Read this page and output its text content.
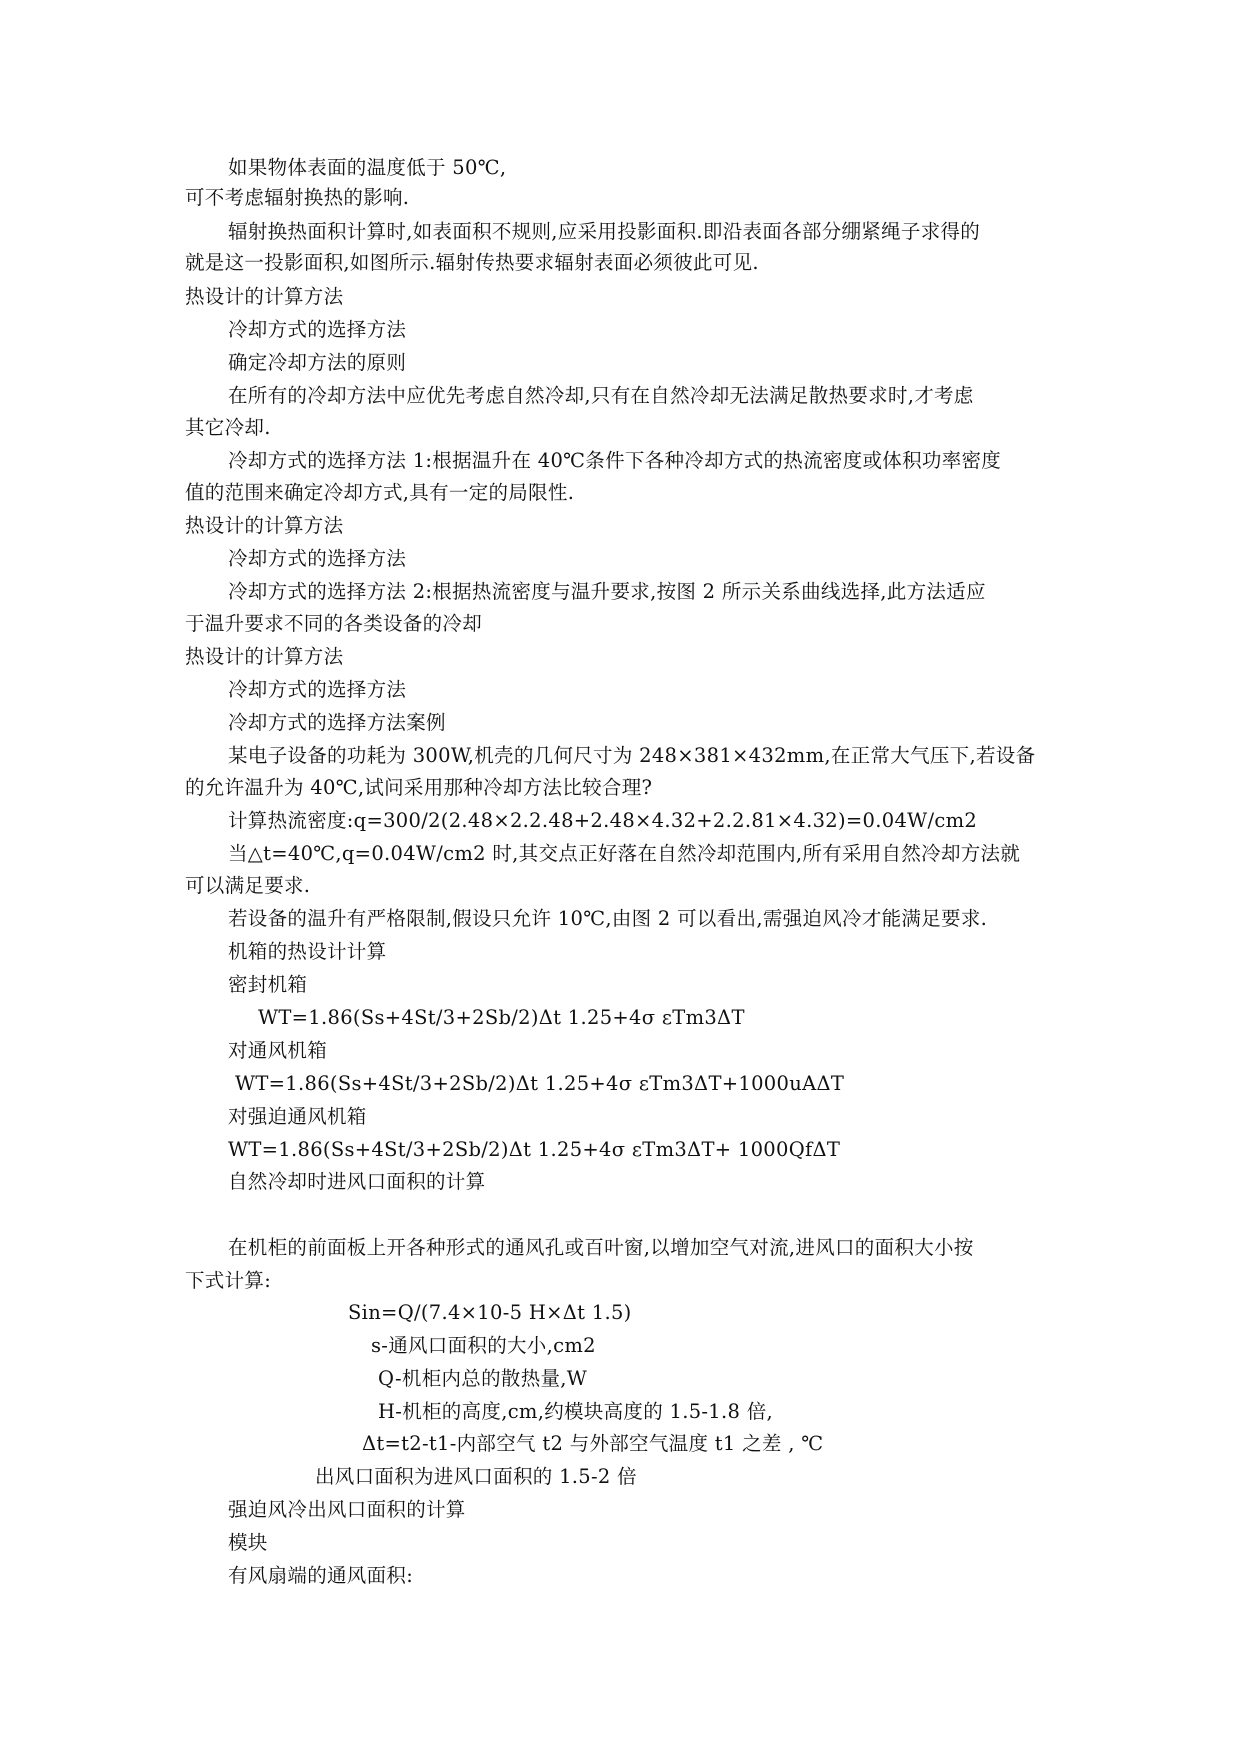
如果物体表面的温度低于 50℃,

可不考虑辐射换热的影响.

辐射换热面积计算时,如表面积不规则,应采用投影面积.即沿表面各部分绷紧绳子求得的

就是这一投影面积,如图所示.辐射传热要求辐射表面必须彼此可见.

热设计的计算方法

冷却方式的选择方法

确定冷却方法的原则

在所有的冷却方法中应优先考虑自然冷却,只有在自然冷却无法满足散热要求时,才考虑

其它冷却.

冷却方式的选择方法 1:根据温升在 40℃条件下各种冷却方式的热流密度或体积功率密度

值的范围来确定冷却方式,具有一定的局限性.

热设计的计算方法

冷却方式的选择方法

冷却方式的选择方法 2:根据热流密度与温升要求,按图 2 所示关系曲线选择,此方法适应

于温升要求不同的各类设备的冷却

热设计的计算方法

冷却方式的选择方法

冷却方式的选择方法案例

某电子设备的功耗为 300W,机壳的几何尺寸为 248×381×432mm,在正常大气压下,若设备

的允许温升为 40℃,试问采用那种冷却方法比较合理?

计算热流密度:q=300/2(2.48×2.2.48+2.48×4.32+2.2.81×4.32)=0.04W/cm2

当△t=40℃,q=0.04W/cm2 时,其交点正好落在自然冷却范围内,所有采用自然冷却方法就

可以满足要求.

若设备的温升有严格限制,假设只允许 10℃,由图 2 可以看出,需强迫风冷才能满足要求.

机箱的热设计计算

密封机箱

WT=1.86(Ss+4St/3+2Sb/2)Δt 1.25+4σ εTm3ΔT

对通风机箱

WT=1.86(Ss+4St/3+2Sb/2)Δt 1.25+4σ εTm3ΔT+1000uAΔT

对强迫通风机箱

WT=1.86(Ss+4St/3+2Sb/2)Δt 1.25+4σ εTm3ΔT+ 1000QfΔT

自然冷却时进风口面积的计算

在机柜的前面板上开各种形式的通风孔或百叶窗,以增加空气对流,进风口的面积大小按

下式计算:

Sin=Q/(7.4×10-5 H×Δt 1.5)

s-通风口面积的大小,cm2

Q-机柜内总的散热量,W

H-机柜的高度,cm,约模块高度的 1.5-1.8 倍,

Δt=t2-t1-内部空气 t2 与外部空气温度 t1 之差 , ℃

出风口面积为进风口面积的 1.5-2 倍

强迫风冷出风口面积的计算

模块

有风扇端的通风面积:
